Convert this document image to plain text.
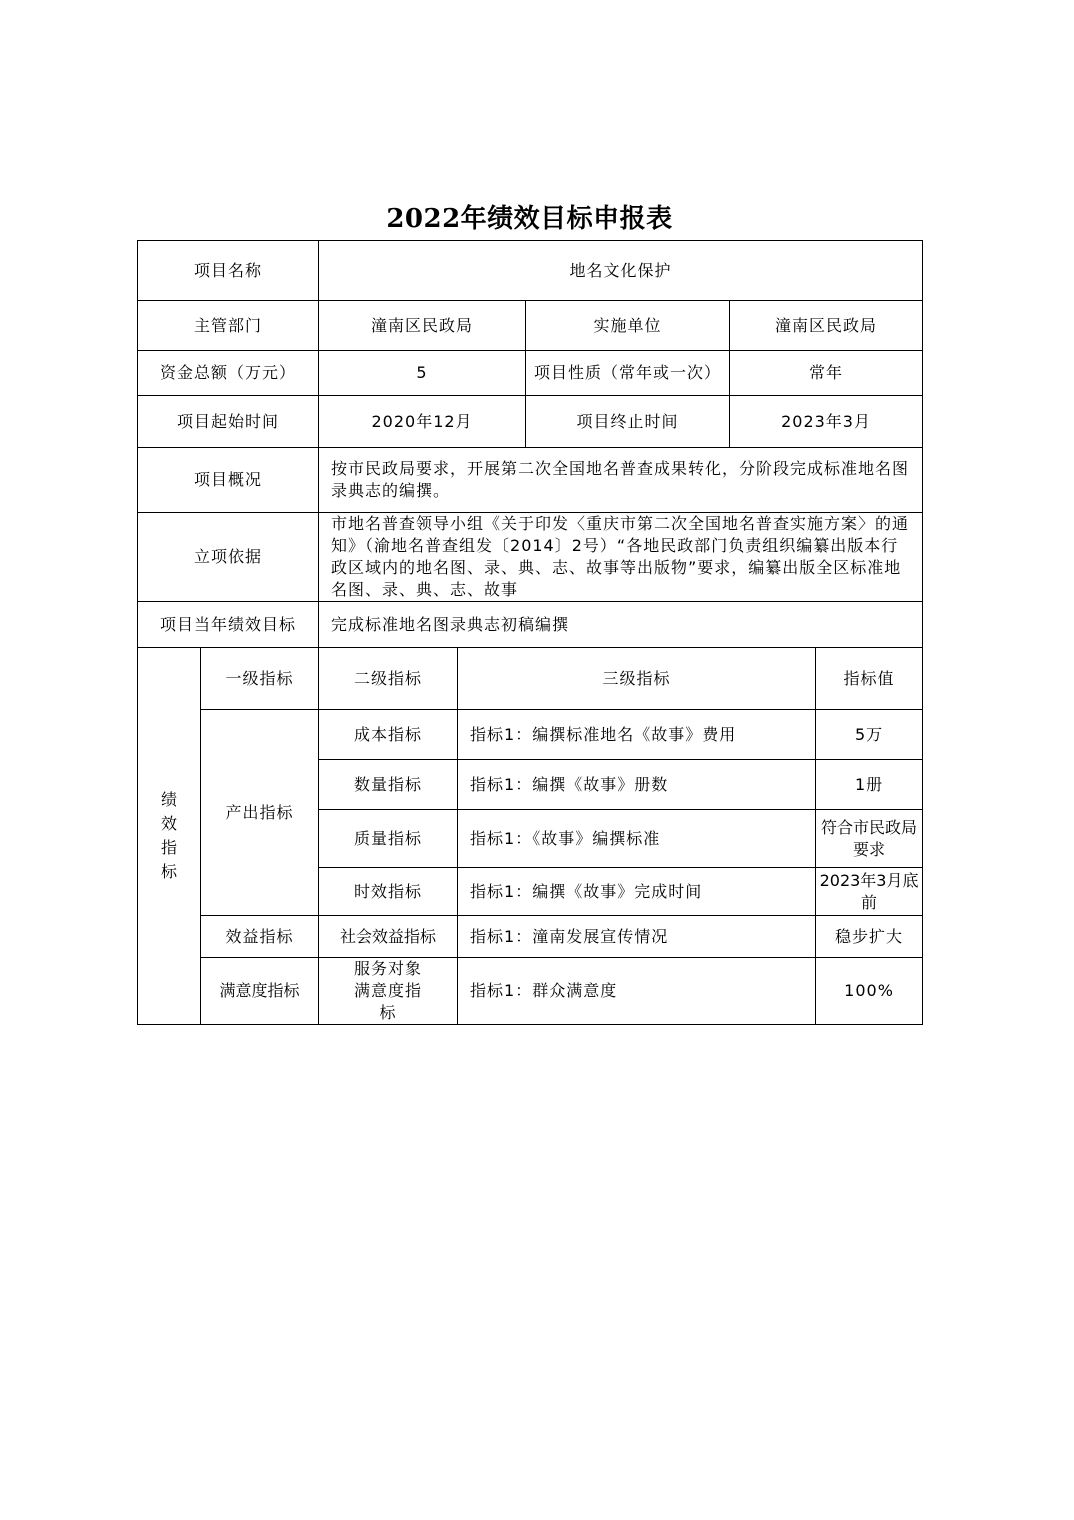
2022年绩效目标申报表
项目名称		地名文化保护				
主管部门		潼南区民政局		实施单位	潼南区民政局	
资金总额（万元）		5		项目性质（常年或一次）	常年	
项目起始时间		2020年12月		项目终止时间	2023年3月	
项目概况		按市民政局要求，开展第二次全国地名普查成果转化，分阶段完成标准地名图录典志的编撰。				
立项依据		市地名普查领导小组《关于印发〈重庆市第二次全国地名普查实施方案〉的通知》（渝地名普查组发〔2014〕2号）“各地民政部门负责组织编纂出版本行政区域内的地名图、录、典、志、故事等出版物”要求，编纂出版全区标准地名图、录、典、志、故事				
项目当年绩效目标		完成标准地名图录典志初稿编撰				
绩效指标	一级指标	二级指标	三级指标			指标值
	产出指标	成本指标	指标1：编撰标准地名《故事》费用			5万
		数量指标	指标1：编撰《故事》册数			1册
		质量指标	指标1：《故事》编撰标准			符合市民政局要求
		时效指标	指标1：编撰《故事》完成时间			2023年3月底前
	效益指标	社会效益指标	指标1：潼南发展宣传情况			稳步扩大
	满意度指标	服务对象满意度指标	指标1：群众满意度			100%
